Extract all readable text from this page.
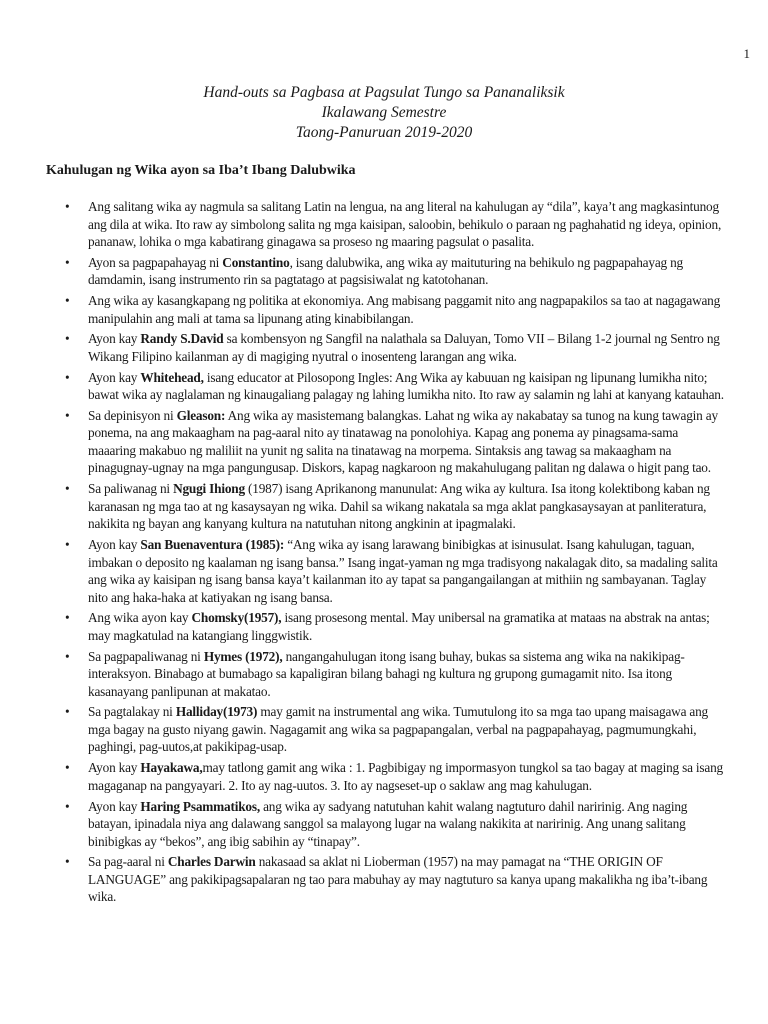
1
Hand-outs sa Pagbasa at Pagsulat Tungo sa Pananaliksik
Ikalawang Semestre
Taong-Panuruan 2019-2020
Kahulugan ng Wika ayon sa Iba’t Ibang Dalubwika
• Ang salitang wika ay nagmula sa salitang Latin na lengua, na ang literal na kahulugan ay “dila”, kaya’t ang magkasintunog ang dila at wika. Ito raw ay simbolong salita ng mga kaisipan, saloobin, behikulo o paraan ng paghahatid ng ideya, opinion, pananaw, lohika o mga kabatirang ginagawa sa proseso ng maaring pagsulat o pasalita.
• Ayon sa pagpapahayag ni Constantino, isang dalubwika, ang wika ay maituturing na behikulo ng pagpapahayag ng damdamin, isang instrumento rin sa pagtatago at pagsisiwalat ng katotohanan.
• Ang wika ay kasangkapang ng politika at ekonomiya. Ang mabisang paggamit nito ang nagpapakilos sa tao at nagagawang manipulahin ang mali at tama sa lipunang ating kinabibilangan.
• Ayon kay Randy S.David sa kombensyon ng Sangfil na nalathala sa Daluyan, Tomo VII – Bilang 1-2 journal ng Sentro ng Wikang Filipino kailanman ay di magiging nyutral o inosenteng larangan ang wika.
• Ayon kay Whitehead, isang educator at Pilosopong Ingles: Ang Wika ay kabuuan ng kaisipan ng lipunang lumikha nito; bawat wika ay naglalaman ng kinaugaliang palagay ng lahing lumikha nito. Ito raw ay salamin ng lahi at kanyang katauhan.
• Sa depinisyon ni Gleason: Ang wika ay masistemang balangkas. Lahat ng wika ay nakabatay sa tunog na kung tawagin ay ponema, na ang makaagham na pag-aaral nito ay tinatawag na ponolohiya. Kapag ang ponema ay pinagsama-sama maaaring makabuo ng maliliit na yunit ng salita na tinatawag na morpema. Sintaksis ang tawag sa makaagham na pinagugnay-ugnay na mga pangungusap. Diskors, kapag nagkaroon ng makahulugang palitan ng dalawa o higit pang tao.
• Sa paliwanag ni Ngugi Ihiong (1987) isang Aprikanong manunulat: Ang wika ay kultura. Isa itong kolektibong kaban ng karanasan ng mga tao at ng kasaysayan ng wika. Dahil sa wikang nakatala sa mga aklat pangkasaysayan at panliteratura, nakikita ng bayan ang kanyang kultura na natutuhan nitong angkinin at ipagmalaki.
• Ayon kay San Buenaventura (1985): “Ang wika ay isang larawang binibigkas at isinusulat. Isang kahulugan, taguan, imbakan o deposito ng kaalaman ng isang bansa.” Isang ingat-yaman ng mga tradisyong nakalagak dito, sa madaling salita ang wika ay kaisipan ng isang bansa kaya’t kailanman ito ay tapat sa pangangailangan at mithiin ng sambayanan. Taglay nito ang haka-haka at katiyakan ng isang bansa.
• Ang wika ayon kay Chomsky(1957), isang prosesong mental. May unibersal na gramatika at mataas na abstrak na antas; may magkatulad na katangiang linggwistik.
• Sa pagpapaliwanag ni Hymes (1972), nangangahulugan itong isang buhay, bukas sa sistema ang wika na nakikipag-interaksyon. Binabago at bumabago sa kapaligiran bilang bahagi ng kultura ng grupong gumagamit nito. Isa itong kasanayang panlipunan at makatao.
• Sa pagtalakay ni Halliday(1973) may gamit na instrumental ang wika. Tumutulong ito sa mga tao upang maisagawa ang mga bagay na gusto niyang gawin. Nagagamit ang wika sa pagpapangalan, verbal na pagpapahayag, pagmumungkahi, paghingi, pag-uutos,at pakikipag-usap.
• Ayon kay Hayakawa,may tatlong gamit ang wika : 1. Pagbibigay ng impormasyon tungkol sa tao bagay at maging sa isang magaganap na pangyayari. 2. Ito ay nag-uutos. 3. Ito ay nagseset-up o saklaw ang mag kahulugan.
• Ayon kay Haring Psammatikos, ang wika ay sadyang natutuhan kahit walang nagtuturo dahil naririnig. Ang naging batayan, ipinadala niya ang dalawang sanggol sa malayong lugar na walang nakikita at naririnig. Ang unang salitang binibigkas ay “bekos”, ang ibig sabihin ay “tinapay”.
• Sa pag-aaral ni Charles Darwin nakasaad sa aklat ni Lioberman (1957) na may pamagat na “THE ORIGIN OF LANGUAGE” ang pakikipagsapalaran ng tao para mabuhay ay may nagtuturo sa kanya upang makalikha ng iba’t-ibang wika.
